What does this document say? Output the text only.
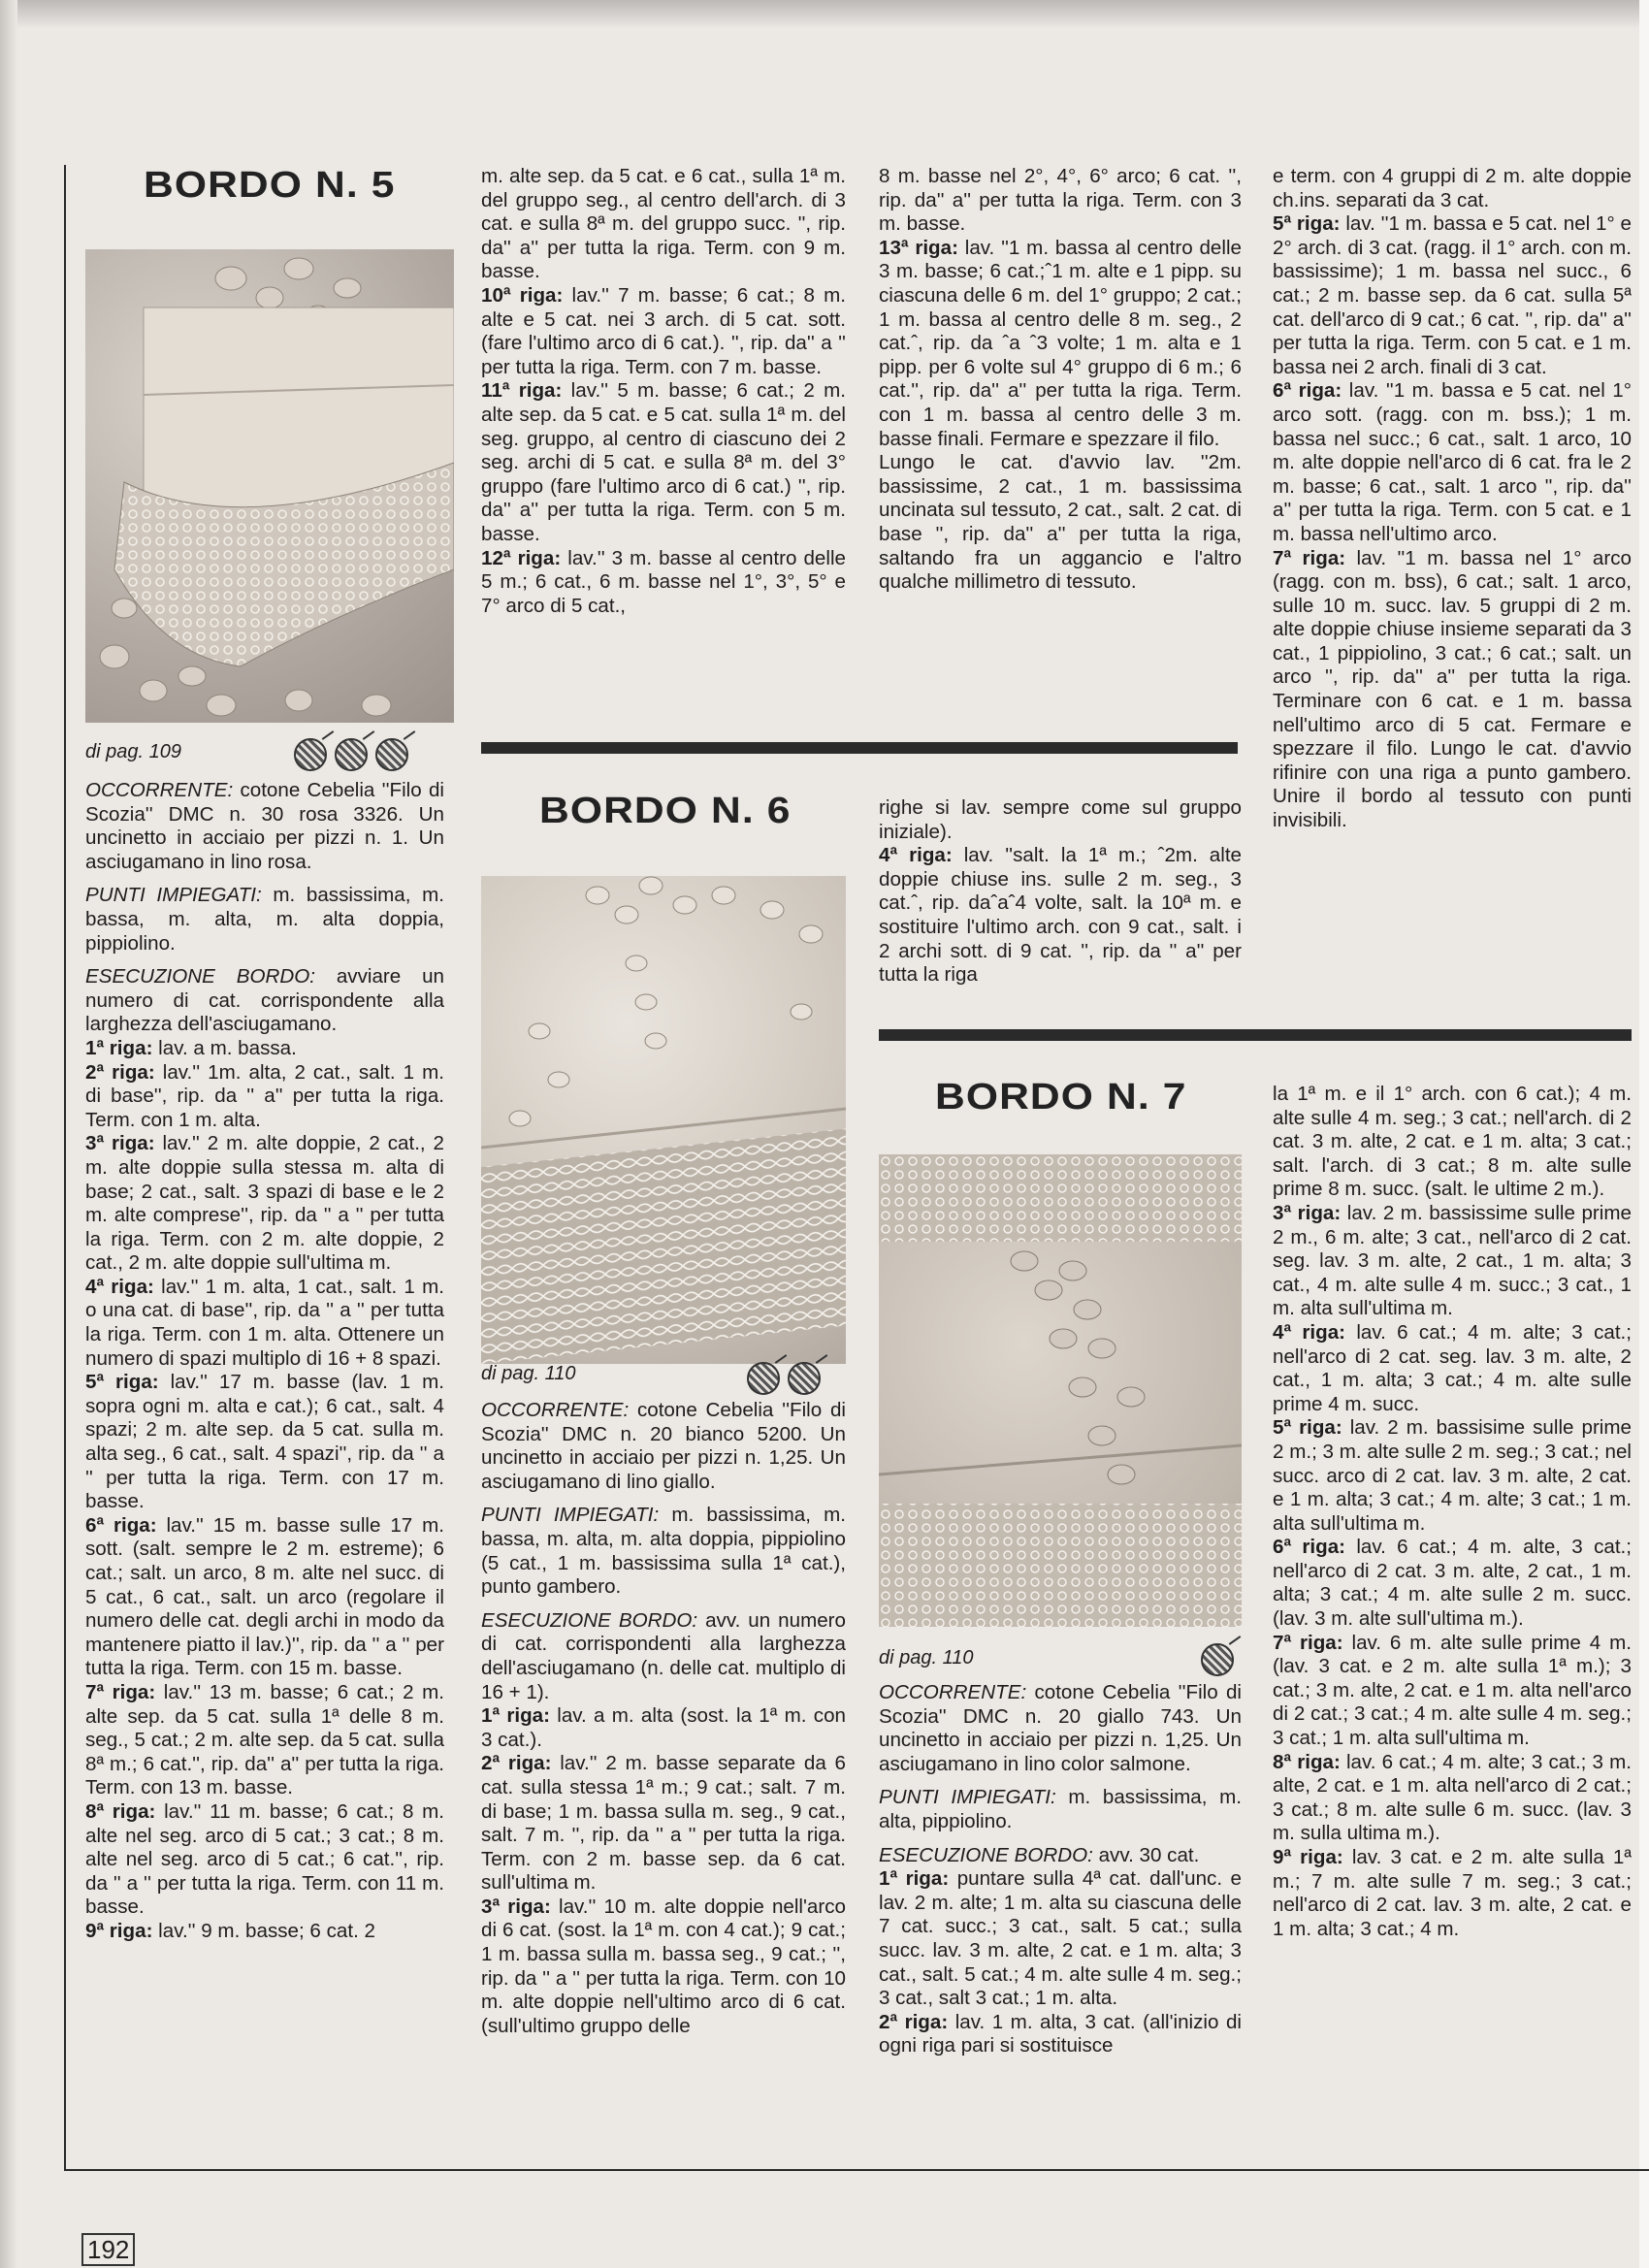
BORDO N. 5
di pag. 109

OCCORRENTE: cotone Cebelia ''Filo di Scozia'' DMC n. 30 rosa 3326. Un uncinetto in acciaio per pizzi n. 1. Un asciugamano in lino rosa.

PUNTI IMPIEGATI: m. bassissima, m. bassa, m. alta, m. alta doppia, pippiolino.

ESECUZIONE BORDO: avviare un numero di cat. corrispondente alla larghezza dell'asciugamano.

1ª riga: lav. a m. bassa.

2ª riga: lav.'' 1m. alta, 2 cat., salt. 1 m. di base'', rip. da '' a'' per tutta la riga. Term. con 1 m. alta.

3ª riga: lav.'' 2 m. alte doppie, 2 cat., 2 m. alte doppie sulla stessa m. alta di base; 2 cat., salt. 3 spazi di base e le 2 m. alte comprese'', rip. da '' a '' per tutta la riga. Term. con 2 m. alte doppie, 2 cat., 2 m. alte doppie sull'ultima m.

4ª riga: lav.'' 1 m. alta, 1 cat., salt. 1 m. o una cat. di base'', rip. da '' a '' per tutta la riga. Term. con 1 m. alta. Ottenere un numero di spazi multiplo di 16 + 8 spazi.

5ª riga: lav.'' 17 m. basse (lav. 1 m. sopra ogni m. alta e cat.); 6 cat., salt. 4 spazi; 2 m. alte sep. da 5 cat. sulla m. alta seg., 6 cat., salt. 4 spazi'', rip. da '' a '' per tutta la riga. Term. con 17 m. basse.

6ª riga: lav.'' 15 m. basse sulle 17 m. sott. (salt. sempre le 2 m. estreme); 6 cat.; salt. un arco, 8 m. alte nel succ. di 5 cat., 6 cat., salt. un arco (regolare il numero delle cat. degli archi in modo da mantenere piatto il lav.)'', rip. da '' a '' per tutta la riga. Term. con 15 m. basse.

7ª riga: lav.'' 13 m. basse; 6 cat.; 2 m. alte sep. da 5 cat. sulla 1ª delle 8 m. seg., 5 cat.; 2 m. alte sep. da 5 cat. sulla 8ª m.; 6 cat.'', rip. da'' a'' per tutta la riga. Term. con 13 m. basse.

8ª riga: lav.'' 11 m. basse; 6 cat.; 8 m. alte nel seg. arco di 5 cat.; 3 cat.; 8 m. alte nel seg. arco di 5 cat.; 6 cat.'', rip. da '' a '' per tutta la riga. Term. con 11 m. basse.

9ª riga: lav.'' 9 m. basse; 6 cat. 2

m. alte sep. da 5 cat. e 6 cat., sulla 1ª m. del gruppo seg., al centro dell'arch. di 3 cat. e sulla 8ª m. del gruppo succ. '', rip. da'' a'' per tutta la riga. Term. con 9 m. basse.

10ª riga: lav.'' 7 m. basse; 6 cat.; 8 m. alte e 5 cat. nei 3 arch. di 5 cat. sott. (fare l'ultimo arco di 6 cat.). '', rip. da'' a '' per tutta la riga. Term. con 7 m. basse.

11ª riga: lav.'' 5 m. basse; 6 cat.; 2 m. alte sep. da 5 cat. e 5 cat. sulla 1ª m. del seg. gruppo, al centro di ciascuno dei 2 seg. archi di 5 cat. e sulla 8ª m. del 3° gruppo (fare l'ultimo arco di 6 cat.) '', rip. da'' a'' per tutta la riga. Term. con 5 m. basse.

12ª riga: lav.'' 3 m. basse al centro delle 5 m.; 6 cat., 6 m. basse nel 1°, 3°, 5° e 7° arco di 5 cat.,

8 m. basse nel 2°, 4°, 6° arco; 6 cat. '', rip. da'' a'' per tutta la riga. Term. con 3 m. basse.

13ª riga: lav. ''1 m. bassa al centro delle 3 m. basse; 6 cat.;ˆ1 m. alte e 1 pipp. su ciascuna delle 6 m. del 1° gruppo; 2 cat.; 1 m. bassa al centro delle 8 m. seg., 2 cat.ˆ, rip. da ˆa ˆ3 volte; 1 m. alta e 1 pipp. per 6 volte sul 4° gruppo di 6 m.; 6 cat.'', rip. da'' a'' per tutta la riga. Term. con 1 m. bassa al centro delle 3 m. basse finali. Fermare e spezzare il filo.

Lungo le cat. d'avvio lav. ''2m. bassissime, 2 cat., 1 m. bassissima uncinata sul tessuto, 2 cat., salt. 2 cat. di base '', rip. da'' a'' per tutta la riga, saltando fra un aggancio e l'altro qualche millimetro di tessuto.

e term. con 4 gruppi di 2 m. alte doppie ch.ins. separati da 3 cat.

5ª riga: lav. ''1 m. bassa e 5 cat. nel 1° e 2° arch. di 3 cat. (ragg. il 1° arch. con m. bassissime); 1 m. bassa nel succ., 6 cat.; 2 m. basse sep. da 6 cat. sulla 5ª cat. dell'arco di 9 cat.; 6 cat. '', rip. da'' a'' per tutta la riga. Term. con 5 cat. e 1 m. bassa nei 2 arch. finali di 3 cat.

6ª riga: lav. ''1 m. bassa e 5 cat. nel 1° arco sott. (ragg. con m. bss.); 1 m. bassa nel succ.; 6 cat., salt. 1 arco, 10 m. alte doppie nell'arco di 6 cat. fra le 2 m. basse; 6 cat., salt. 1 arco '', rip. da'' a'' per tutta la riga. Term. con 5 cat. e 1 m. bassa nell'ultimo arco.

7ª riga: lav. ''1 m. bassa nel 1° arco (ragg. con m. bss), 6 cat.; salt. 1 arco, sulle 10 m. succ. lav. 5 gruppi di 2 m. alte doppie chiuse insieme separati da 3 cat., 1 pippiolino, 3 cat.; 6 cat.; salt. un arco '', rip. da'' a'' per tutta la riga. Terminare con 6 cat. e 1 m. bassa nell'ultimo arco di 5 cat. Fermare e spezzare il filo. Lungo le cat. d'avvio rifinire con una riga a punto gambero. Unire il bordo al tessuto con punti invisibili.

BORDO N. 6
di pag. 110

OCCORRENTE: cotone Cebelia ''Filo di Scozia'' DMC n. 20 bianco 5200. Un uncinetto in acciaio per pizzi n. 1,25. Un asciugamano di lino giallo.

PUNTI IMPIEGATI: m. bassissima, m. bassa, m. alta, m. alta doppia, pippiolino (5 cat., 1 m. bassissima sulla 1ª cat.), punto gambero.

ESECUZIONE BORDO: avv. un numero di cat. corrispondenti alla larghezza dell'asciugamano (n. delle cat. multiplo di 16 + 1).

1ª riga: lav. a m. alta (sost. la 1ª m. con 3 cat.).

2ª riga: lav.'' 2 m. basse separate da 6 cat. sulla stessa 1ª m.; 9 cat.; salt. 7 m. di base; 1 m. bassa sulla m. seg., 9 cat., salt. 7 m. '', rip. da '' a '' per tutta la riga. Term. con 2 m. basse sep. da 6 cat. sull'ultima m.

3ª riga: lav.'' 10 m. alte doppie nell'arco di 6 cat. (sost. la 1ª m. con 4 cat.); 9 cat.; 1 m. bassa sulla m. bassa seg., 9 cat.; '', rip. da '' a '' per tutta la riga. Term. con 10 m. alte doppie nell'ultimo arco di 6 cat. (sull'ultimo gruppo delle

righe si lav. sempre come sul gruppo iniziale).

4ª riga: lav. ''salt. la 1ª m.; ˆ2m. alte doppie chiuse ins. sulle 2 m. seg., 3 cat.ˆ, rip. daˆaˆ4 volte, salt. la 10ª m. e sostituire l'ultimo arch. con 9 cat., salt. i 2 archi sott. di 9 cat. '', rip. da '' a'' per tutta la riga

BORDO N. 7
di pag. 110

OCCORRENTE: cotone Cebelia ''Filo di Scozia'' DMC n. 20 giallo 743. Un uncinetto in acciaio per pizzi n. 1,25. Un asciugamano in lino color salmone.

PUNTI IMPIEGATI: m. bassissima, m. alta, pippiolino.

ESECUZIONE BORDO: avv. 30 cat.

1ª riga: puntare sulla 4ª cat. dall'unc. e lav. 2 m. alte; 1 m. alta su ciascuna delle 7 cat. succ.; 3 cat., salt. 5 cat.; sulla succ. lav. 3 m. alte, 2 cat. e 1 m. alta; 3 cat., salt. 5 cat.; 4 m. alte sulle 4 m. seg.; 3 cat., salt 3 cat.; 1 m. alta.

2ª riga: lav. 1 m. alta, 3 cat. (all'inizio di ogni riga pari si sostituisce

la 1ª m. e il 1° arch. con 6 cat.); 4 m. alte sulle 4 m. seg.; 3 cat.; nell'arch. di 2 cat. 3 m. alte, 2 cat. e 1 m. alta; 3 cat.; salt. l'arch. di 3 cat.; 8 m. alte sulle prime 8 m. succ. (salt. le ultime 2 m.).

3ª riga: lav. 2 m. bassissime sulle prime 2 m., 6 m. alte; 3 cat., nell'arco di 2 cat. seg. lav. 3 m. alte, 2 cat., 1 m. alta; 3 cat., 4 m. alte sulle 4 m. succ.; 3 cat., 1 m. alta sull'ultima m.

4ª riga: lav. 6 cat.; 4 m. alte; 3 cat.; nell'arco di 2 cat. seg. lav. 3 m. alte, 2 cat., 1 m. alta; 3 cat.; 4 m. alte sulle prime 4 m. succ.

5ª riga: lav. 2 m. bassisime sulle prime 2 m.; 3 m. alte sulle 2 m. seg.; 3 cat.; nel succ. arco di 2 cat. lav. 3 m. alte, 2 cat. e 1 m. alta; 3 cat.; 4 m. alte; 3 cat.; 1 m. alta sull'ultima m.

6ª riga: lav. 6 cat.; 4 m. alte, 3 cat.; nell'arco di 2 cat. 3 m. alte, 2 cat., 1 m. alta; 3 cat.; 4 m. alte sulle 2 m. succ. (lav. 3 m. alte sull'ultima m.).

7ª riga: lav. 6 m. alte sulle prime 4 m. (lav. 3 cat. e 2 m. alte sulla 1ª m.); 3 cat.; 3 m. alte, 2 cat. e 1 m. alta nell'arco di 2 cat.; 3 cat.; 4 m. alte sulle 4 m. seg.; 3 cat.; 1 m. alta sull'ultima m.

8ª riga: lav. 6 cat.; 4 m. alte; 3 cat.; 3 m. alte, 2 cat. e 1 m. alta nell'arco di 2 cat.; 3 cat.; 8 m. alte sulle 6 m. succ. (lav. 3 m. sulla ultima m.).

9ª riga: lav. 3 cat. e 2 m. alte sulla 1ª m.; 7 m. alte sulle 7 m. seg.; 3 cat.; nell'arco di 2 cat. lav. 3 m. alte, 2 cat. e 1 m. alta; 3 cat.; 4 m.

192
